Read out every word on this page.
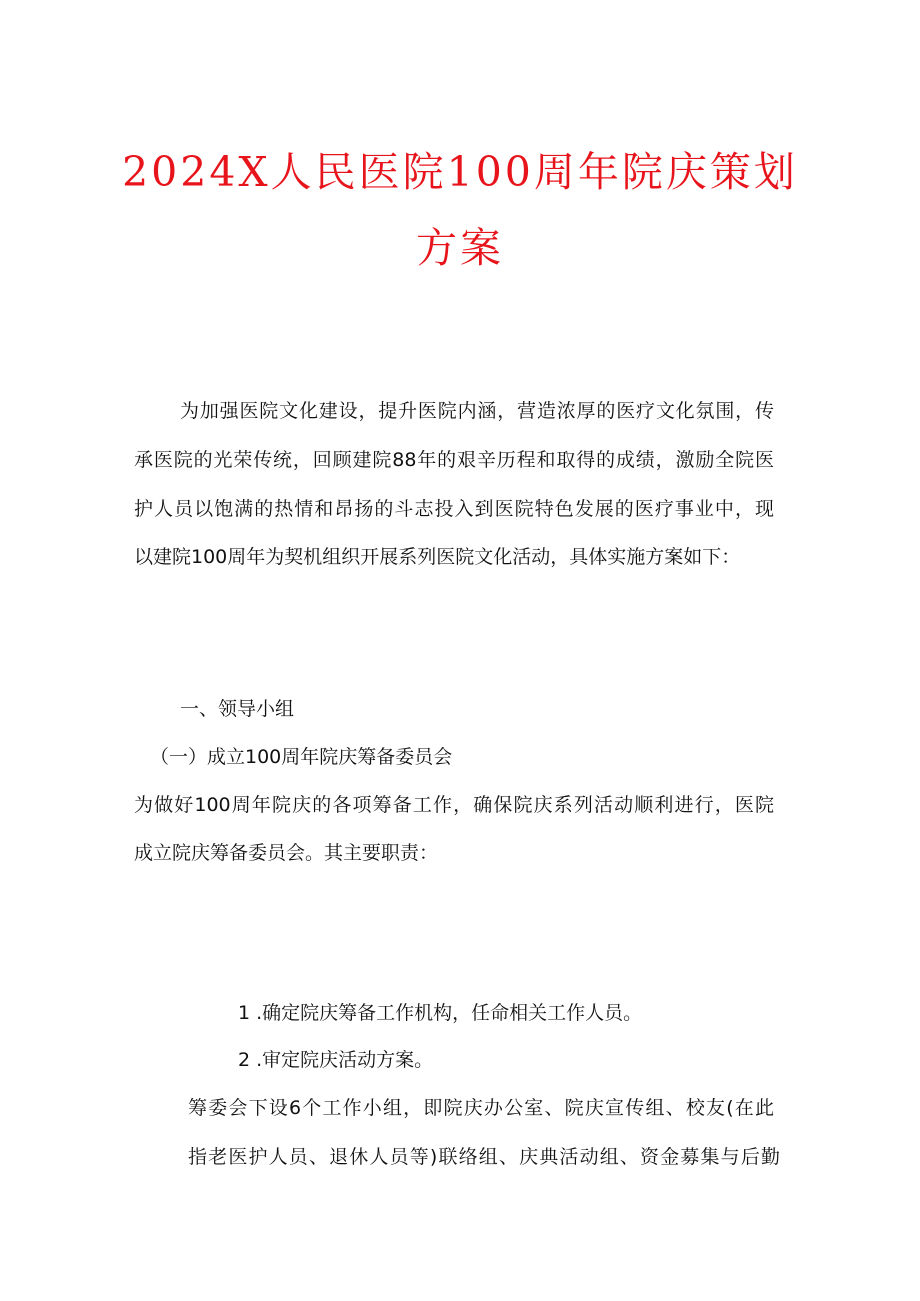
2024X人民医院100周年院庆策划
方案
为加强医院文化建设，提升医院内涵，营造浓厚的医疗文化氛围，传
承医院的光荣传统，回顾建院88年的艰辛历程和取得的成绩，激励全院医
护人员以饱满的热情和昂扬的斗志投入到医院特色发展的医疗事业中，现
以建院100周年为契机组织开展系列医院文化活动，具体实施方案如下：
一、领导小组
（一）成立100周年院庆筹备委员会
为做好100周年院庆的各项筹备工作，确保院庆系列活动顺利进行，医院
成立院庆筹备委员会。其主要职责：
1 .确定院庆筹备工作机构，任命相关工作人员。
2 .审定院庆活动方案。
筹委会下设6个工作小组，即院庆办公室、院庆宣传组、校友(在此
指老医护人员、退休人员等)联络组、庆典活动组、资金募集与后勤
